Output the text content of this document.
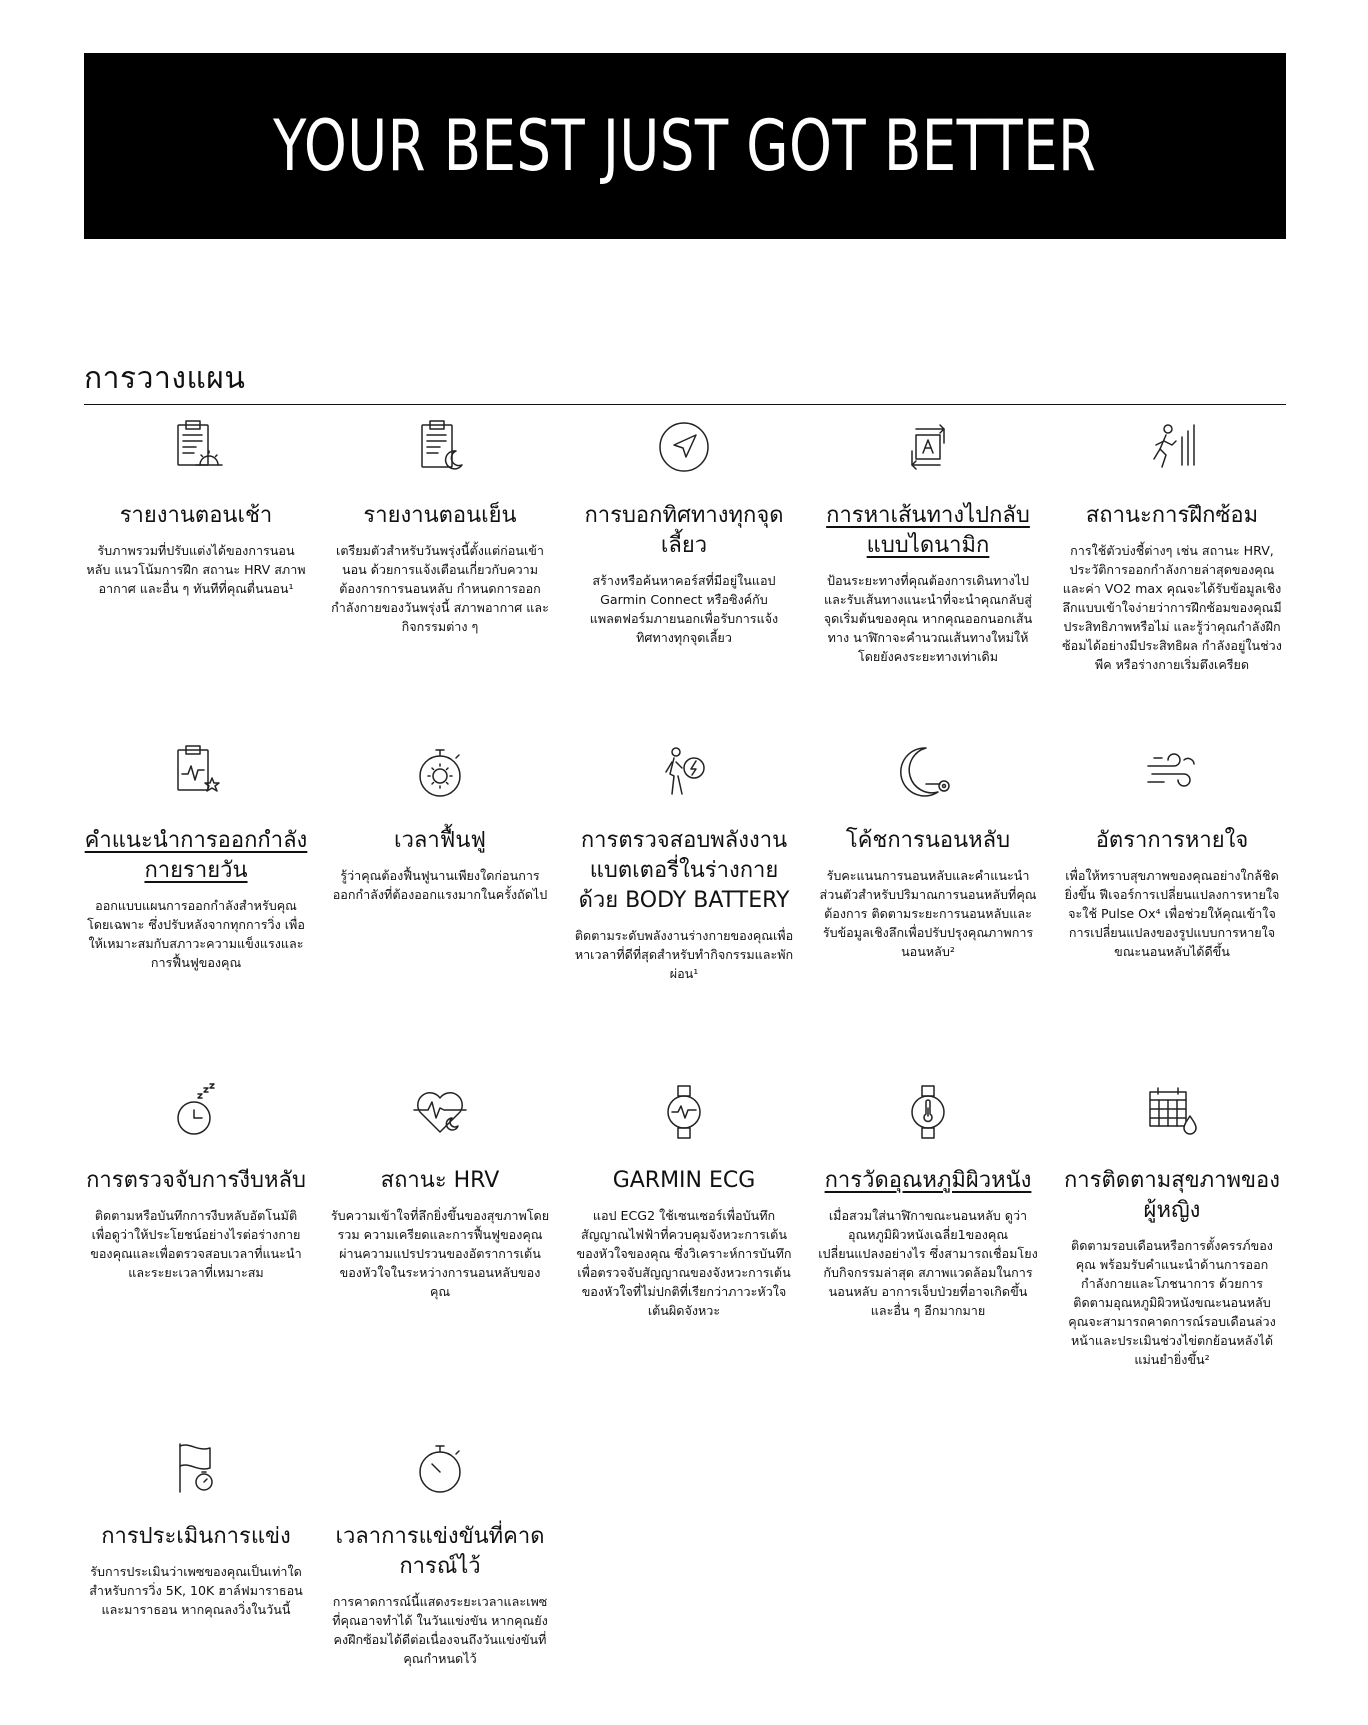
YOUR BEST JUST GOT BETTER
การวางแผน
รายงานตอนเช้า
รับภาพรวมที่ปรับแต่งได้ของการนอนหลับ แนวโน้มการฝึก สถานะ HRV สภาพอากาศ และอื่น ๆ ทันทีที่คุณตื่นนอน¹
รายงานตอนเย็น
เตรียมตัวสำหรับวันพรุ่งนี้ตั้งแต่ก่อนเข้านอน ด้วยการแจ้งเตือนเกี่ยวกับความต้องการการนอนหลับ กำหนดการออกกำลังกายของวันพรุ่งนี้ สภาพอากาศ และกิจกรรมต่าง ๆ
การบอกทิศทางทุกจุดเลี้ยว
สร้างหรือค้นหาคอร์สที่มีอยู่ในแอป Garmin Connect หรือซิงค์กับแพลตฟอร์มภายนอกเพื่อรับการแจ้งทิศทางทุกจุดเลี้ยว
การหาเส้นทางไปกลับแบบไดนามิก
ป้อนระยะทางที่คุณต้องการเดินทางไปและรับเส้นทางแนะนำที่จะนำคุณกลับสู่จุดเริ่มต้นของคุณ หากคุณออกนอกเส้นทาง นาฬิกาจะคำนวณเส้นทางใหม่ให้โดยยังคงระยะทางเท่าเดิม
สถานะการฝึกซ้อม
การใช้ตัวบ่งชี้ต่างๆ เช่น สถานะ HRV, ประวัติการออกกำลังกายล่าสุดของคุณ และค่า VO2 max คุณจะได้รับข้อมูลเชิงลึกแบบเข้าใจง่ายว่าการฝึกซ้อมของคุณมีประสิทธิภาพหรือไม่ และรู้ว่าคุณกำลังฝึกซ้อมได้อย่างมีประสิทธิผล กำลังอยู่ในช่วงพีค หรือร่างกายเริ่มตึงเครียด
คำแนะนำการออกกำลังกายรายวัน
ออกแบบแผนการออกกำลังสำหรับคุณโดยเฉพาะ ซึ่งปรับหลังจากทุกการวิ่ง เพื่อให้เหมาะสมกับสภาวะความแข็งแรงและการฟื้นฟูของคุณ
เวลาฟื้นฟู
รู้ว่าคุณต้องฟื้นฟูนานเพียงใดก่อนการออกกำลังที่ต้องออกแรงมากในครั้งถัดไป
การตรวจสอบพลังงานแบตเตอรี่ในร่างกายด้วย BODY BATTERY
ติดตามระดับพลังงานร่างกายของคุณเพื่อหาเวลาที่ดีที่สุดสำหรับทำกิจกรรมและพักผ่อน¹
โค้ชการนอนหลับ
รับคะแนนการนอนหลับและคำแนะนำส่วนตัวสำหรับปริมาณการนอนหลับที่คุณต้องการ ติดตามระยะการนอนหลับและรับข้อมูลเชิงลึกเพื่อปรับปรุงคุณภาพการนอนหลับ²
อัตราการหายใจ
เพื่อให้ทราบสุขภาพของคุณอย่างใกล้ชิดยิ่งขึ้น ฟีเจอร์การเปลี่ยนแปลงการหายใจจะใช้ Pulse Ox⁴ เพื่อช่วยให้คุณเข้าใจการเปลี่ยนแปลงของรูปแบบการหายใจขณะนอนหลับได้ดีขึ้น
การตรวจจับการงีบหลับ
ติดตามหรือบันทึกการงีบหลับอัตโนมัติ เพื่อดูว่าให้ประโยชน์อย่างไรต่อร่างกายของคุณและเพื่อตรวจสอบเวลาที่แนะนำและระยะเวลาที่เหมาะสม
สถานะ HRV
รับความเข้าใจที่ลึกยิ่งขึ้นของสุขภาพโดยรวม ความเครียดและการฟื้นฟูของคุณผ่านความแปรปรวนของอัตราการเต้นของหัวใจในระหว่างการนอนหลับของคุณ
GARMIN ECG
แอป ECG2 ใช้เซนเซอร์เพื่อบันทึกสัญญาณไฟฟ้าที่ควบคุมจังหวะการเต้นของหัวใจของคุณ ซึ่งวิเคราะห์การบันทึกเพื่อตรวจจับสัญญาณของจังหวะการเต้นของหัวใจที่ไม่ปกติที่เรียกว่าภาวะหัวใจเต้นผิดจังหวะ
การวัดอุณหภูมิผิวหนัง
เมื่อสวมใส่นาฬิกาขณะนอนหลับ ดูว่าอุณหภูมิผิวหนังเฉลี่ย1ของคุณเปลี่ยนแปลงอย่างไร ซึ่งสามารถเชื่อมโยงกับกิจกรรมล่าสุด สภาพแวดล้อมในการนอนหลับ อาการเจ็บป่วยที่อาจเกิดขึ้น และอื่น ๆ อีกมากมาย
การติดตามสุขภาพของผู้หญิง
ติดตามรอบเดือนหรือการตั้งครรภ์ของคุณ พร้อมรับคำแนะนำด้านการออกกำลังกายและโภชนาการ ด้วยการติดตามอุณหภูมิผิวหนังขณะนอนหลับ คุณจะสามารถคาดการณ์รอบเดือนล่วงหน้าและประเมินช่วงไข่ตกย้อนหลังได้แม่นยำยิ่งขึ้น²
การประเมินการแข่ง
รับการประเมินว่าเพซของคุณเป็นเท่าใดสำหรับการวิ่ง 5K, 10K ฮาล์ฟมาราธอนและมาราธอน หากคุณลงวิ่งในวันนี้
เวลาการแข่งขันที่คาดการณ์ไว้
การคาดการณ์นี้แสดงระยะเวลาและเพซที่คุณอาจทำได้ ในวันแข่งขัน หากคุณยังคงฝึกซ้อมได้ดีต่อเนื่องจนถึงวันแข่งขันที่คุณกำหนดไว้
